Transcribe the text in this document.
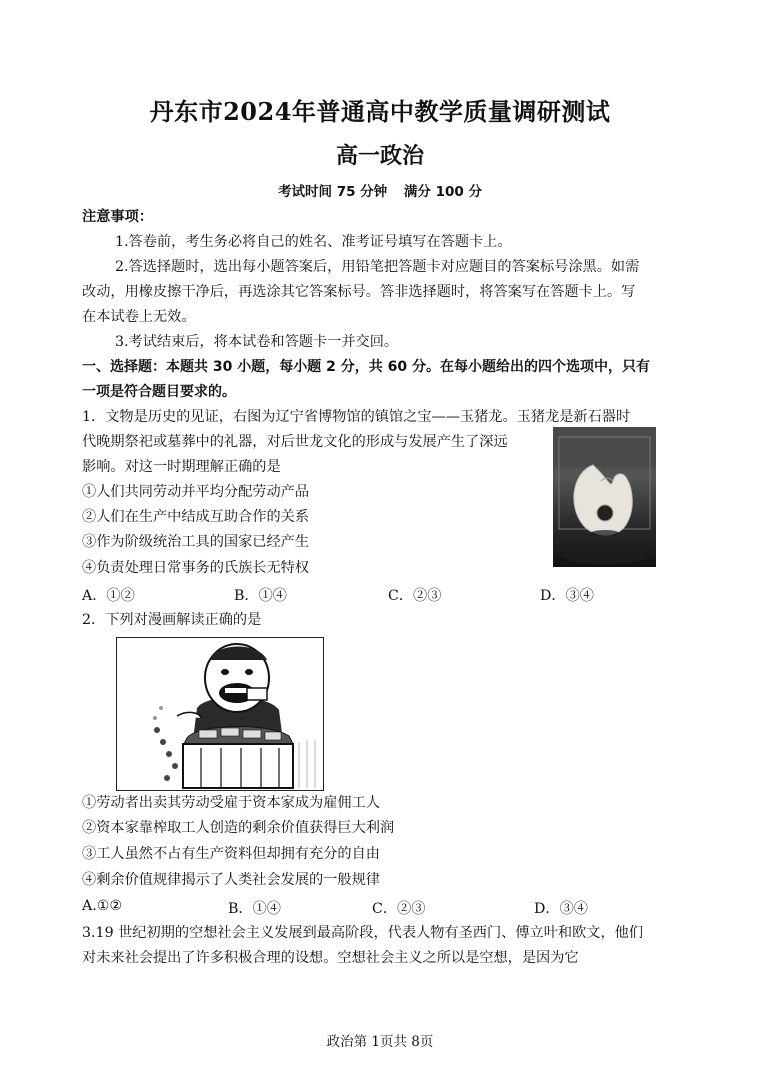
丹东市2024年普通高中教学质量调研测试
高一政治
考试时间 75 分钟 满分 100 分
注意事项：
1.答卷前，考生务必将自己的姓名、准考证号填写在答题卡上。
2.答选择题时，选出每小题答案后，用铅笔把答题卡对应题目的答案标号涂黑。如需
改动，用橡皮擦干净后，再选涂其它答案标号。答非选择题时，将答案写在答题卡上。写
在本试卷上无效。
3.考试结束后，将本试卷和答题卡一并交回。
一、选择题：本题共 30 小题，每小题 2 分，共 60 分。在每小题给出的四个选项中，只有
一项是符合题目要求的。
1．文物是历史的见证，右图为辽宁省博物馆的镇馆之宝——玉猪龙。玉猪龙是新石器时
代晚期祭祀或墓葬中的礼器，对后世龙文化的形成与发展产生了深远
影响。对这一时期理解正确的是
①人们共同劳动并平均分配劳动产品
②人们在生产中结成互助合作的关系
③作为阶级统治工具的国家已经产生
④负责处理日常事务的氏族长无特权
A．①②	B．①④	C．②③	D．③④
2．下列对漫画解读正确的是
①劳动者出卖其劳动受雇于资本家成为雇佣工人
②资本家靠榨取工人创造的剩余价值获得巨大利润
③工人虽然不占有生产资料但却拥有充分的自由
④剩余价值规律揭示了人类社会发展的一般规律
A.①②	B．①④	C．②③	D．③④
3.19 世纪初期的空想社会主义发展到最高阶段，代表人物有圣西门、傅立叶和欧文，他们
对未来社会提出了许多积极合理的设想。空想社会主义之所以是空想，是因为它
政治第 1页共 8页
